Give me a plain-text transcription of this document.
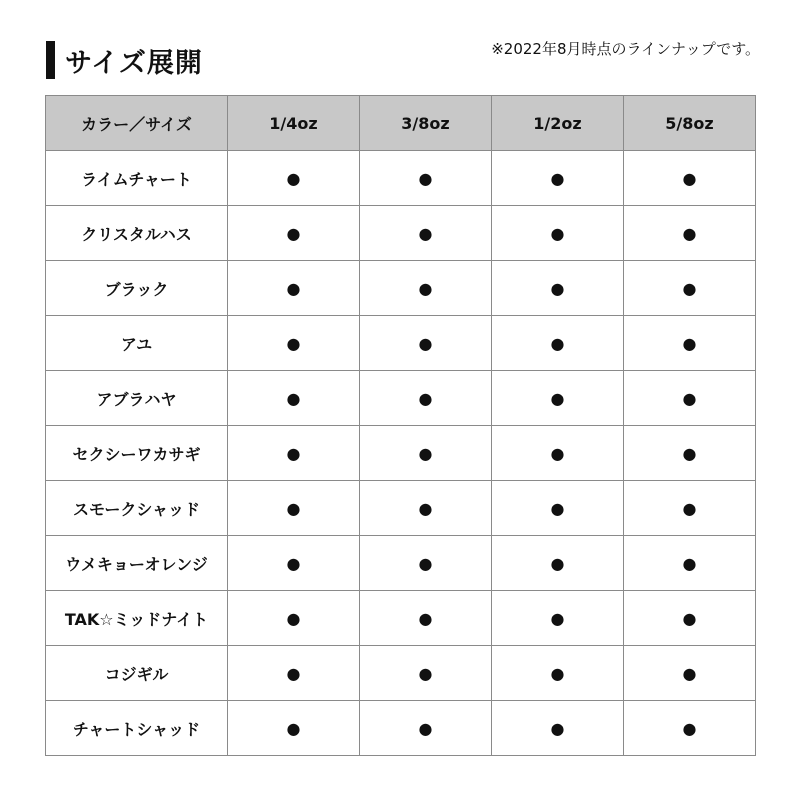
サイズ展開	※2022年8月時点のラインナップです。
カラー／サイズ	1/4oz	3/8oz	1/2oz	5/8oz
ライムチャート	●	●	●	●
クリスタルハス	●	●	●	●
ブラック	●	●	●	●
アユ	●	●	●	●
アブラハヤ	●	●	●	●
セクシーワカサギ	●	●	●	●
スモークシャッド	●	●	●	●
ウメキョーオレンジ	●	●	●	●
TAK☆ミッドナイト	●	●	●	●
コジギル	●	●	●	●
チャートシャッド	●	●	●	●
